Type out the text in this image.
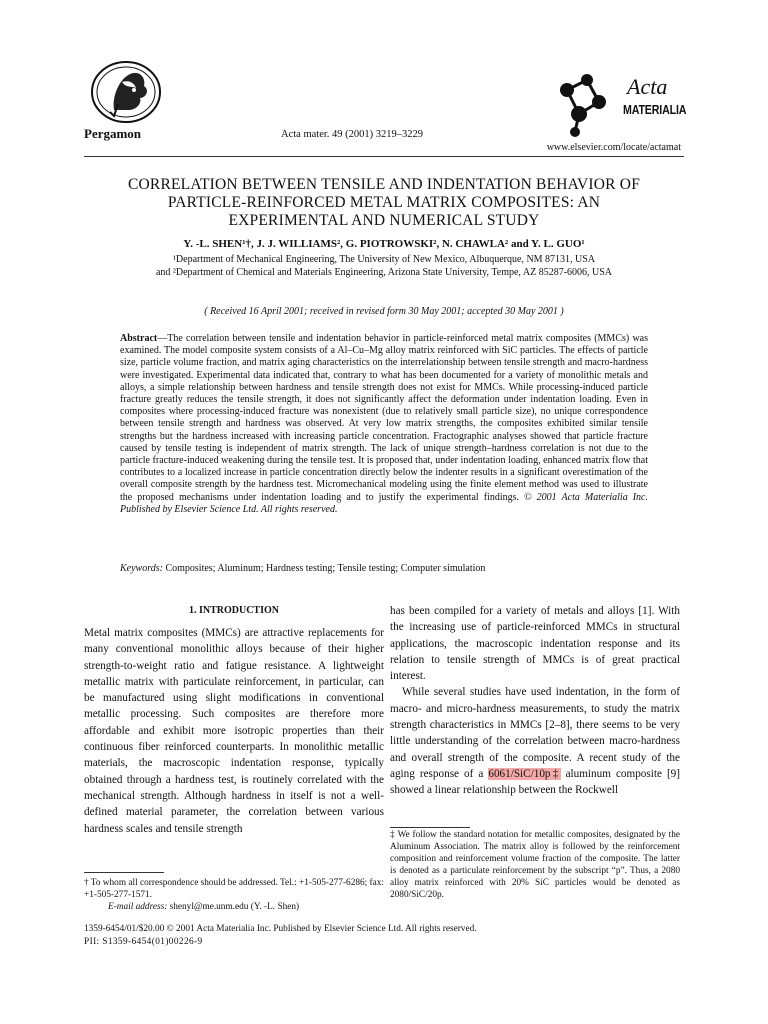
Pergamon	Acta mater. 49 (2001) 3219–3229
Acta
MATERIALIA
www.elsevier.com/locate/actamat
CORRELATION BETWEEN TENSILE AND INDENTATION BEHAVIOR OF PARTICLE-REINFORCED METAL MATRIX COMPOSITES: AN EXPERIMENTAL AND NUMERICAL STUDY
Y. -L. SHEN¹†, J. J. WILLIAMS², G. PIOTROWSKI², N. CHAWLA² and Y. L. GUO¹
¹Department of Mechanical Engineering, The University of New Mexico, Albuquerque, NM 87131, USA
and ²Department of Chemical and Materials Engineering, Arizona State University, Tempe, AZ 85287-6006, USA
( Received 16 April 2001; received in revised form 30 May 2001; accepted 30 May 2001 )
Abstract—The correlation between tensile and indentation behavior in particle-reinforced metal matrix composites (MMCs) was examined. The model composite system consists of a Al–Cu–Mg alloy matrix reinforced with SiC particles. The effects of particle size, particle volume fraction, and matrix aging characteristics on the interrelationship between tensile strength and macro-hardness were investigated. Experimental data indicated that, contrary to what has been documented for a variety of monolithic metals and alloys, a simple relationship between hardness and tensile strength does not exist for MMCs. While processing-induced particle fracture greatly reduces the tensile strength, it does not significantly affect the deformation under indentation loading. Even in composites where processing-induced fracture was nonexistent (due to relatively small particle size), no unique correspondence between tensile strength and hardness was observed. At very low matrix strengths, the composites exhibited similar tensile strengths but the hardness increased with increasing particle concentration. Fractographic analyses showed that particle fracture caused by tensile testing is independent of matrix strength. The lack of unique strength–hardness correlation is not due to the particle fracture-induced weakening during the tensile test. It is proposed that, under indentation loading, enhanced matrix flow that contributes to a localized increase in particle concentration directly below the indenter results in a significant overestimation of the overall composite strength by the hardness test. Micromechanical modeling using the finite element method was used to illustrate the proposed mechanisms under indentation loading and to justify the experimental findings. © 2001 Acta Materialia Inc. Published by Elsevier Science Ltd. All rights reserved.
Keywords: Composites; Aluminum; Hardness testing; Tensile testing; Computer simulation
1. INTRODUCTION
Metal matrix composites (MMCs) are attractive replacements for many conventional monolithic alloys because of their higher strength-to-weight ratio and fatigue resistance. A lightweight metallic matrix with particulate reinforcement, in particular, can be manufactured using slight modifications in conventional metallic processing. Such composites are therefore more affordable and exhibit more isotropic properties than their continuous fiber reinforced counterparts. In monolithic metallic materials, the macroscopic indentation response, typically obtained through a hardness test, is routinely correlated with the mechanical strength. Although hardness in itself is not a well-defined material parameter, the correlation between various hardness scales and tensile strength

has been compiled for a variety of metals and alloys [1]. With the increasing use of particle-reinforced MMCs in structural applications, the macroscopic indentation response and its relation to tensile strength of MMCs is of great practical interest.

While several studies have used indentation, in the form of macro- and micro-hardness measurements, to study the matrix strength characteristics in MMCs [2–8], there seems to be very little understanding of the correlation between macro-hardness and overall strength of the composite. A recent study of the aging response of a 6061/SiC/10p‡ aluminum composite [9] showed a linear relationship between the Rockwell

† To whom all correspondence should be addressed. Tel.: +1-505-277-6286; fax: +1-505-277-1571.
E-mail address: shenyl@me.unm.edu (Y. -L. Shen)
‡ We follow the standard notation for metallic composites, designated by the Aluminum Association. The matrix alloy is followed by the reinforcement composition and reinforcement volume fraction of the composite. The latter is denoted as a particulate reinforcement by the subscript “p”. Thus, a 2080 alloy matrix reinforced with 20% SiC particles would be denoted as 2080/SiC/20p.
1359-6454/01/$20.00 © 2001 Acta Materialia Inc. Published by Elsevier Science Ltd. All rights reserved.
PII: S1359-6454(01)00226-9
